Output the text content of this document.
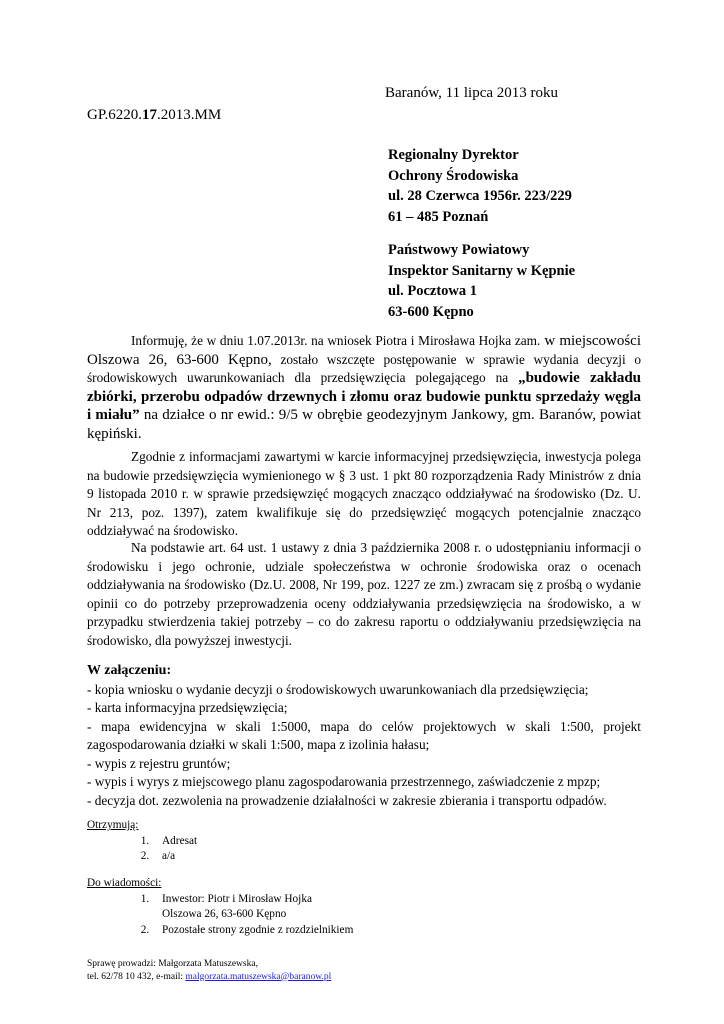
Baranów, 11 lipca 2013 roku
GP.6220.17.2013.MM
Regionalny Dyrektor
Ochrony Środowiska
ul. 28 Czerwca 1956r. 223/229
61 – 485 Poznań
Państwowy Powiatowy
Inspektor Sanitarny w Kępnie
ul. Pocztowa 1
63-600 Kępno
Informuję, że w dniu 1.07.2013r. na wniosek Piotra i Mirosława Hojka zam. w miejscowości Olszowa 26, 63-600 Kępno, zostało wszczęte postępowanie w sprawie wydania decyzji o środowiskowych uwarunkowaniach dla przedsięwzięcia polegającego na „budowie zakładu zbiórki, przerobu odpadów drzewnych i złomu oraz budowie punktu sprzedaży węgla i miału” na działce o nr ewid.: 9/5 w obrębie geodezyjnym Jankowy, gm. Baranów, powiat kępiński.
Zgodnie z informacjami zawartymi w karcie informacyjnej przedsięwzięcia, inwestycja polega na budowie przedsięwzięcia wymienionego w § 3 ust. 1 pkt 80 rozporządzenia Rady Ministrów z dnia 9 listopada 2010 r. w sprawie przedsięwzięć mogących znacząco oddziaływać na środowisko (Dz. U. Nr 213, poz. 1397), zatem kwalifikuje się do przedsięwzięć mogących potencjalnie znacząco oddziaływać na środowisko.
Na podstawie art. 64 ust. 1 ustawy z dnia 3 października 2008 r. o udostępnianiu informacji o środowisku i jego ochronie, udziale społeczeństwa w ochronie środowiska oraz o ocenach oddziaływania na środowisko (Dz.U. 2008, Nr 199, poz. 1227 ze zm.) zwracam się z prośbą o wydanie opinii co do potrzeby przeprowadzenia oceny oddziaływania przedsięwzięcia na środowisko, a w przypadku stwierdzenia takiej potrzeby – co do zakresu raportu o oddziaływaniu przedsięwzięcia na środowisko, dla powyższej inwestycji.
W załączeniu:
- kopia wniosku o wydanie decyzji o środowiskowych uwarunkowaniach dla przedsięwzięcia;
- karta informacyjna przedsięwzięcia;
- mapa ewidencyjna w skali 1:5000, mapa do celów projektowych w skali 1:500, projekt zagospodarowania działki w skali 1:500, mapa z izolinia hałasu;
- wypis z rejestru gruntów;
- wypis i wyrys z miejscowego planu zagospodarowania przestrzennego, zaświadczenie z mpzp;
- decyzja dot. zezwolenia na prowadzenie działalności w zakresie zbierania i transportu odpadów.
Otrzymują:
1. Adresat
2. a/a
Do wiadomości:
1. Inwestor: Piotr i Mirosław Hojka
Olszowa 26, 63-600 Kępno
2. Pozostałe strony zgodnie z rozdzielnikiem
Sprawę prowadzi: Małgorzata Matuszewska,
tel. 62/78 10 432, e-mail: malgorzata.matuszewska@baranow.pl
